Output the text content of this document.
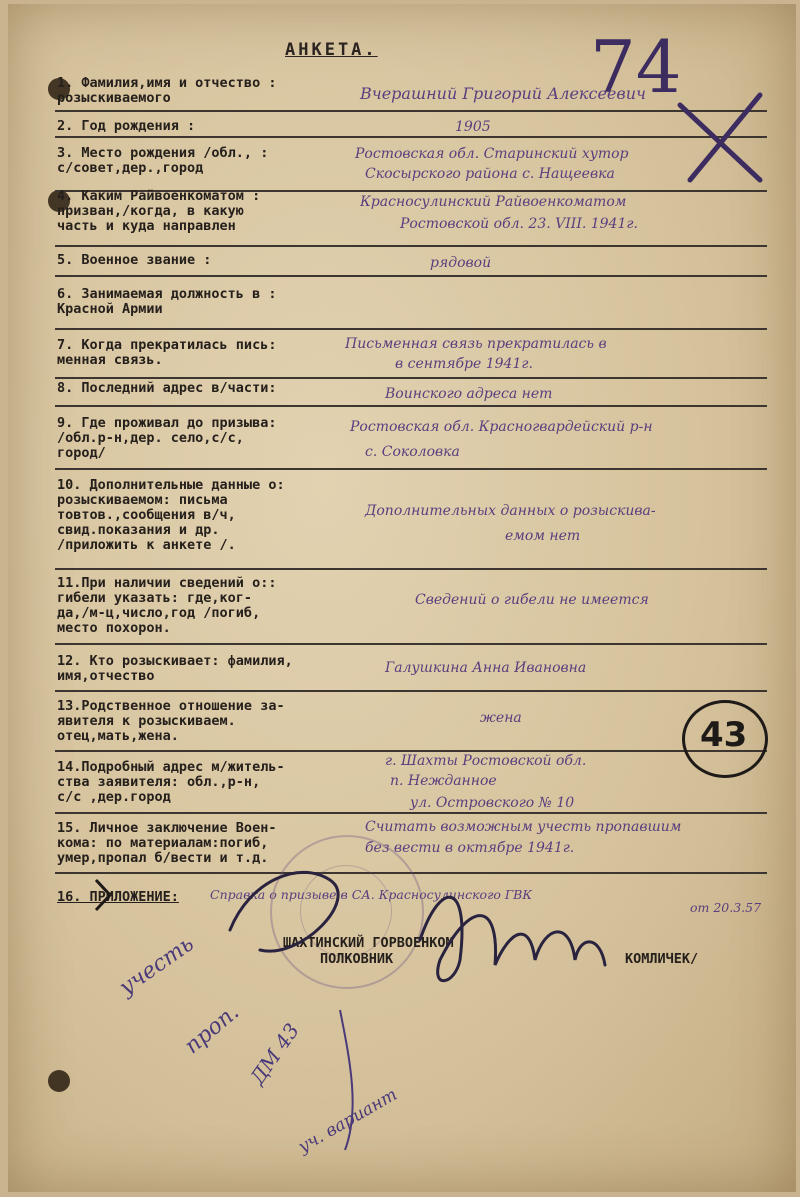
АНКЕТА.
1. Фамилия,имя и отчество :
розыскиваемого
2. Год рождения :
3. Место рождения /обл., :
с/совет,дер.,город
4. Каким Райвоенкоматом :
призван,/когда, в какую
часть и куда направлен
5. Военное звание :
6. Занимаемая должность в :
Красной Армии
7. Когда прекратилась пись:
менная связь.
8. Последний адрес в/части:
9. Где проживал до призыва:
/обл.р-н,дер. село,с/с,
город/
10. Дополнительные данные о:
розыскиваемом: письма
товтов.,сообщения в/ч,
свид.показания и др.
/приложить к анкете /.
11.При наличии сведений о::
гибели указать: где,ког-
да,/м-ц,число,год /погиб,
место похорон.
12. Кто розыскивает: фамилия,
имя,отчество
13.Родственное отношение за-
явителя к розыскиваем.
отец,мать,жена.
14.Подробный адрес м/житель-
ства заявителя: обл.,р-н,
с/с ,дер.город
15. Личное заключение Воен-
кома: по материалам:погиб,
умер,пропал б/вести и т.д.
16. ПРИЛОЖЕНИЕ:
Вчерашний Григорий Алексеевич
1905
Ростовская обл. Старинский хутор
Скосырского района с. Нащеевка
Красносулинский Райвоенкоматом
Ростовской обл. 23. VIII. 1941г.
рядовой
Письменная связь прекратилась в
в сентябре 1941г.
Воинского адреса нет
Ростовская обл. Красногвардейский р-н
с. Соколовка
Дополнительных данных о розыскива-
емом нет
Сведений о гибели не имеется
Галушкина Анна Ивановна
жена
г. Шахты Ростовской обл.
п. Нежданное
ул. Островского № 10
Считать возможным учесть пропавшим
без вести в октябре 1941г.
Справка о призыве в СА. Красносулинского ГВК
от 20.3.57
ШАХТИНСКИЙ ГОРВОЕНКОМ
ПОЛКОВНИК	КОМЛИЧЕК/
43
74
учесть
проп. ДМ 43
уч. вариант
